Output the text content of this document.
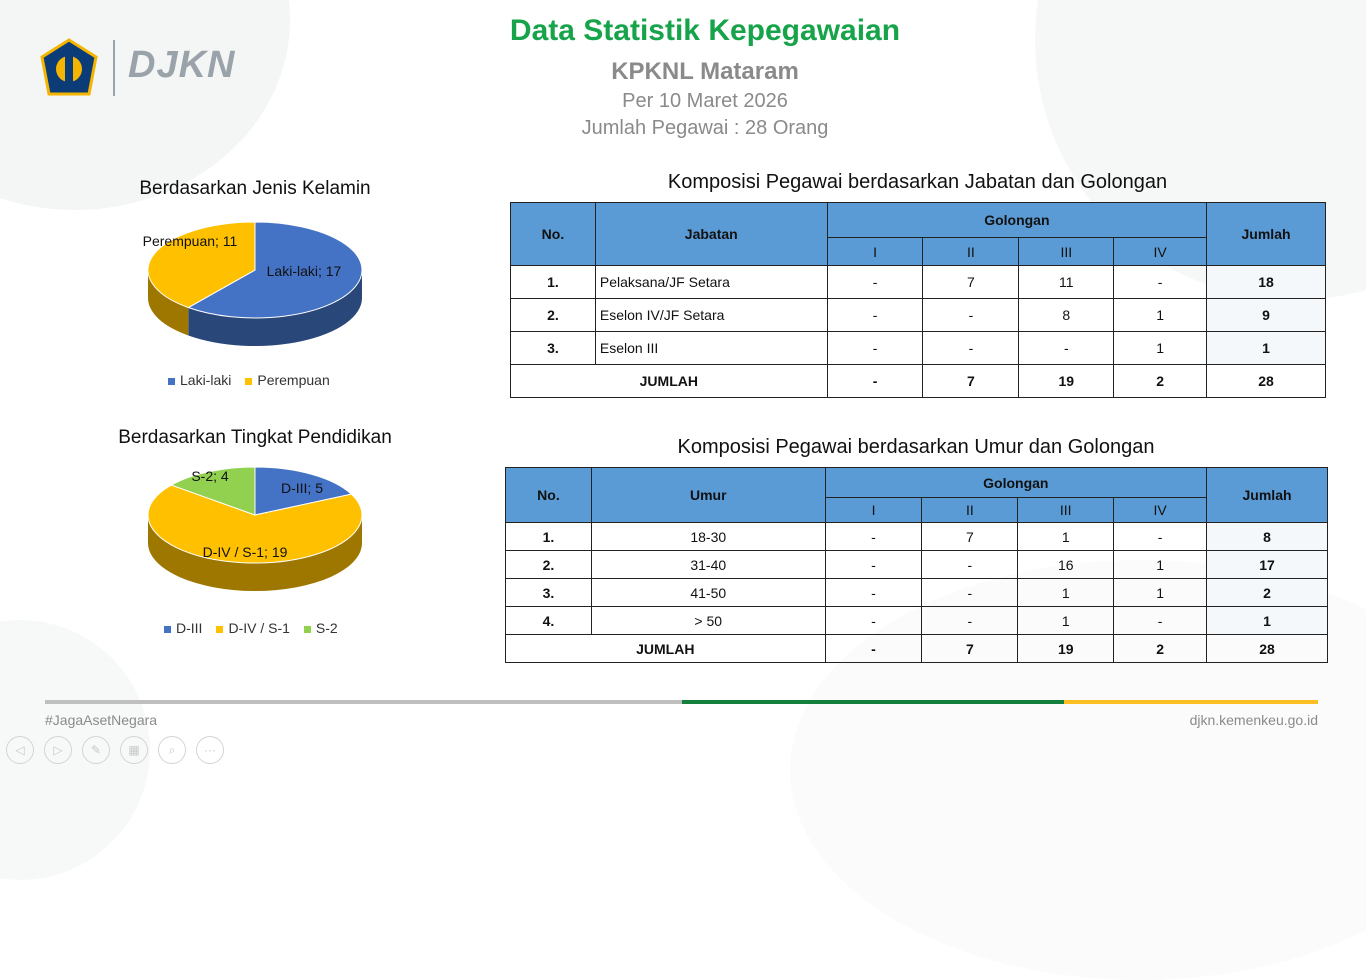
DJKN
Data Statistik Kepegawaian
KPKNL Mataram
Per 10 Maret 2026
Jumlah Pegawai : 28 Orang
Berdasarkan Jenis Kelamin
Laki-laki; 17
Perempuan; 11
Laki-laki	Perempuan
Berdasarkan Tingkat Pendidikan
D-III; 5
D-IV / S-1; 19
S-2; 4
D-III	D-IV / S-1	S-2
Komposisi Pegawai berdasarkan Jabatan dan Golongan
No.	Jabatan	Golongan				Jumlah
		I	II	III	IV	
1.	Pelaksana/JF Setara	-	7	11	-	18
2.	Eselon IV/JF Setara	-	-	8	1	9
3.	Eselon III	-	-	-	1	1
JUMLAH		-	7	19	2	28
Komposisi Pegawai berdasarkan Umur dan Golongan
No.	Umur	Golongan				Jumlah
		I	II	III	IV	
1.	18-30	-	7	1	-	8
2.	31-40	-	-	16	1	17
3.	41-50	-	-	1	1	2
4.	> 50	-	-	1	-	1
JUMLAH		-	7	19	2	28
#JagaAsetNegara	djkn.kemenkeu.go.id
◁	▷	✎	▦	⌕	···
